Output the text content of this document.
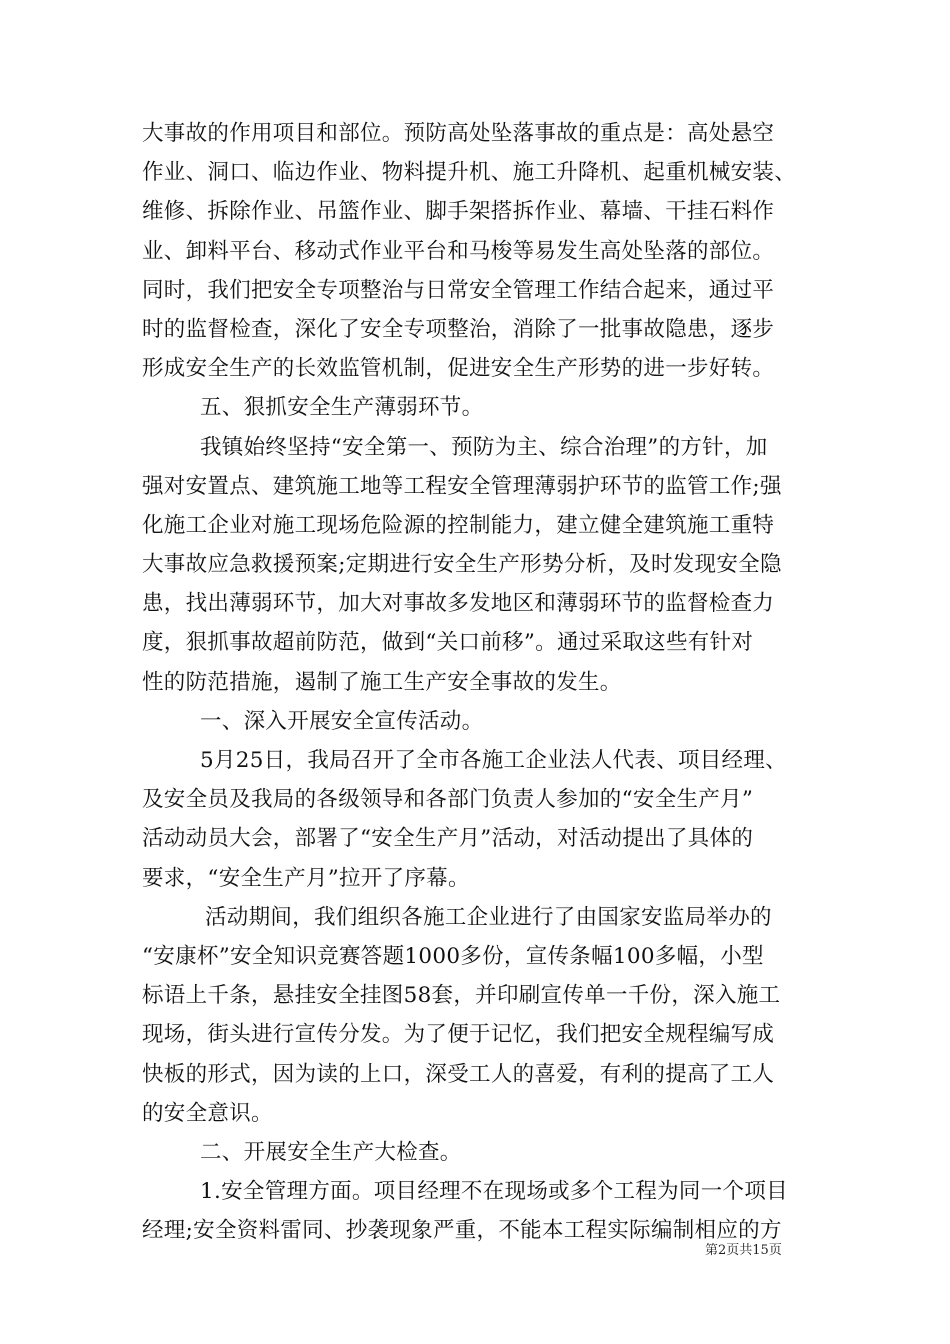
大事故的作用项目和部位。预防高处坠落事故的重点是：高处悬空
作业、洞口、临边作业、物料提升机、施工升降机、起重机械安装、
维修、拆除作业、吊篮作业、脚手架搭拆作业、幕墙、干挂石料作
业、卸料平台、移动式作业平台和马梭等易发生高处坠落的部位。
同时，我们把安全专项整治与日常安全管理工作结合起来，通过平
时的监督检查，深化了安全专项整治，消除了一批事故隐患，逐步
形成安全生产的长效监管机制，促进安全生产形势的进一步好转。
五、狠抓安全生产薄弱环节。
我镇始终坚持“安全第一、预防为主、综合治理”的方针，加
强对安置点、建筑施工地等工程安全管理薄弱护环节的监管工作;强
化施工企业对施工现场危险源的控制能力，建立健全建筑施工重特
大事故应急救援预案;定期进行安全生产形势分析，及时发现安全隐
患，找出薄弱环节，加大对事故多发地区和薄弱环节的监督检查力
度，狠抓事故超前防范，做到“关口前移”。通过采取这些有针对
性的防范措施，遏制了施工生产安全事故的发生。
一、深入开展安全宣传活动。
5月25日，我局召开了全市各施工企业法人代表、项目经理、
及安全员及我局的各级领导和各部门负责人参加的“安全生产月”
活动动员大会，部署了“安全生产月”活动，对活动提出了具体的
要求，“安全生产月”拉开了序幕。
活动期间，我们组织各施工企业进行了由国家安监局举办的
“安康杯”安全知识竞赛答题1000多份，宣传条幅100多幅，小型
标语上千条，悬挂安全挂图58套，并印刷宣传单一千份，深入施工
现场，街头进行宣传分发。为了便于记忆，我们把安全规程编写成
快板的形式，因为读的上口，深受工人的喜爱，有利的提高了工人
的安全意识。
二、开展安全生产大检查。
1.安全管理方面。项目经理不在现场或多个工程为同一个项目
经理;安全资料雷同、抄袭现象严重，不能本工程实际编制相应的方
第2页共15页
